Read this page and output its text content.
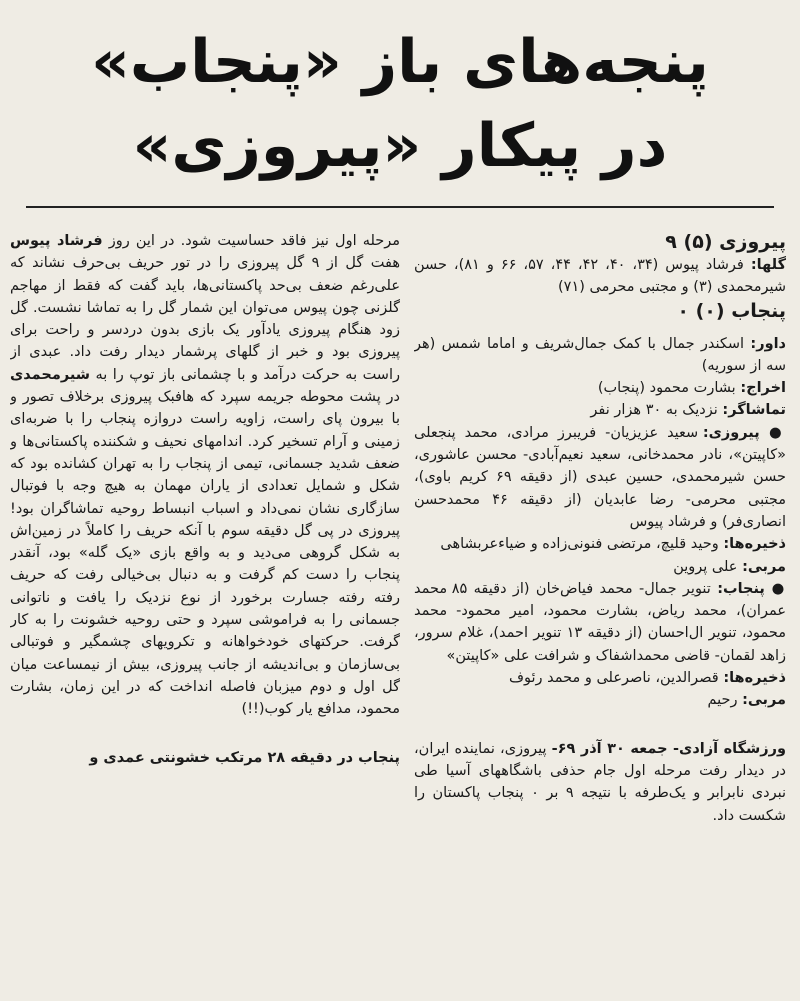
پنجه‌های باز «پنجاب»
در پیکار «پیروزی»

پیروزی (۵) ۹

گلها: فرشاد پیوس (۳۴، ۴۰، ۴۲، ۴۴، ۵۷، ۶۶ و ۸۱)، حسن شیرمحمدی (۳) و مجتبی محرمی (۷۱)

پنجاب (۰) ۰

داور: اسکندر جمال با کمک جمال‌شریف و اماما شمس (هر سه از سوریه)

اخراج: بشارت محمود (پنجاب)

تماشاگر: نزدیک به ۳۰ هزار نفر

● پیروزی: سعید عزیزیان- فریبرز مرادی، محمد پنجعلی «کاپیتن»، نادر محمدخانی، سعید نعیم‌آبادی- محسن عاشوری، حسن شیرمحمدی، حسین عبدی (از دقیقه ۶۹ کریم باوی)، مجتبی محرمی- رضا عابدیان (از دقیقه ۴۶ محمدحسن انصاری‌فر) و فرشاد پیوس

ذخیره‌ها: وحید قلیچ، مرتضی فنونی‌زاده و ضیاءعربشاهی

مربی: علی پروین

● پنجاب: تنویر جمال- محمد فیاض‌خان (از دقیقه ۸۵ محمد عمران)، محمد ریاض، بشارت محمود، امیر محمود- محمد محمود، تنویر ال‌احسان (از دقیقه ۱۳ تنویر احمد)، غلام سرور، زاهد لقمان- قاضی محمداشفاک و شرافت علی «کاپیتن»

ذخیره‌ها: قصرالدین، ناصرعلی و محمد رئوف

مربی: رحیم

ورزشگاه آزادی- جمعه ۳۰ آذر ۶۹- پیروزی، نماینده ایران، در دیدار رفت مرحله اول جام حذفی باشگاههای آسیا طی نبردی نابرابر و یک‌طرفه با نتیجه ۹ بر ۰ پنجاب پاکستان را شکست داد.

مرحله اول نیز فاقد حساسیت شود. در این روز فرشاد پیوس هفت گل از ۹ گل پیروزی را در تور حریف بی‌حرف نشاند که علی‌رغم ضعف بی‌حد پاکستانی‌ها، باید گفت که فقط از مهاجم گلزنی چون پیوس می‌توان این شمار گل را به تماشا نشست. گل زود هنگام پیروزی یادآور یک بازی بدون دردسر و راحت برای پیروزی بود و خبر از گلهای پرشمار دیدار رفت داد. عبدی از راست به حرکت درآمد و با چشمانی باز توپ را به شیرمحمدی در پشت محوطه جریمه سپرد که هافبک پیروزی برخلاف تصور و با بیرون پای راست، زاویه راست دروازه پنجاب را با ضربه‌ای زمینی و آرام تسخیر کرد. اندامهای نحیف و شکننده پاکستانی‌ها و ضعف شدید جسمانی، تیمی از پنجاب را به تهران کشانده بود که شکل و شمایل تعدادی از یاران مهمان به هیچ وجه با فوتبال سازگاری نشان نمی‌داد و اسباب انبساط روحیه تماشاگران بود! پیروزی در پی گل دقیقه سوم با آنکه حریف را کاملاً در زمین‌اش به شکل گروهی می‌دید و به واقع بازی «یک گله» بود، آنقدر پنجاب را دست کم گرفت و به دنبال بی‌خیالی رفت که حریف رفته رفته جسارت برخورد از نوع نزدیک را یافت و ناتوانی جسمانی را به فراموشی سپرد و حتی روحیه خشونت را به کار گرفت. حرکتهای خودخواهانه و تکرویهای چشمگیر و فوتبالی بی‌سازمان و بی‌اندیشه از جانب پیروزی، بیش از نیمساعت میان گل اول و دوم میزبان فاصله انداخت که در این زمان، بشارت محمود، مدافع یار کوب(!!)

پنجاب در دقیقه ۲۸ مرتکب خشونتی عمدی و
